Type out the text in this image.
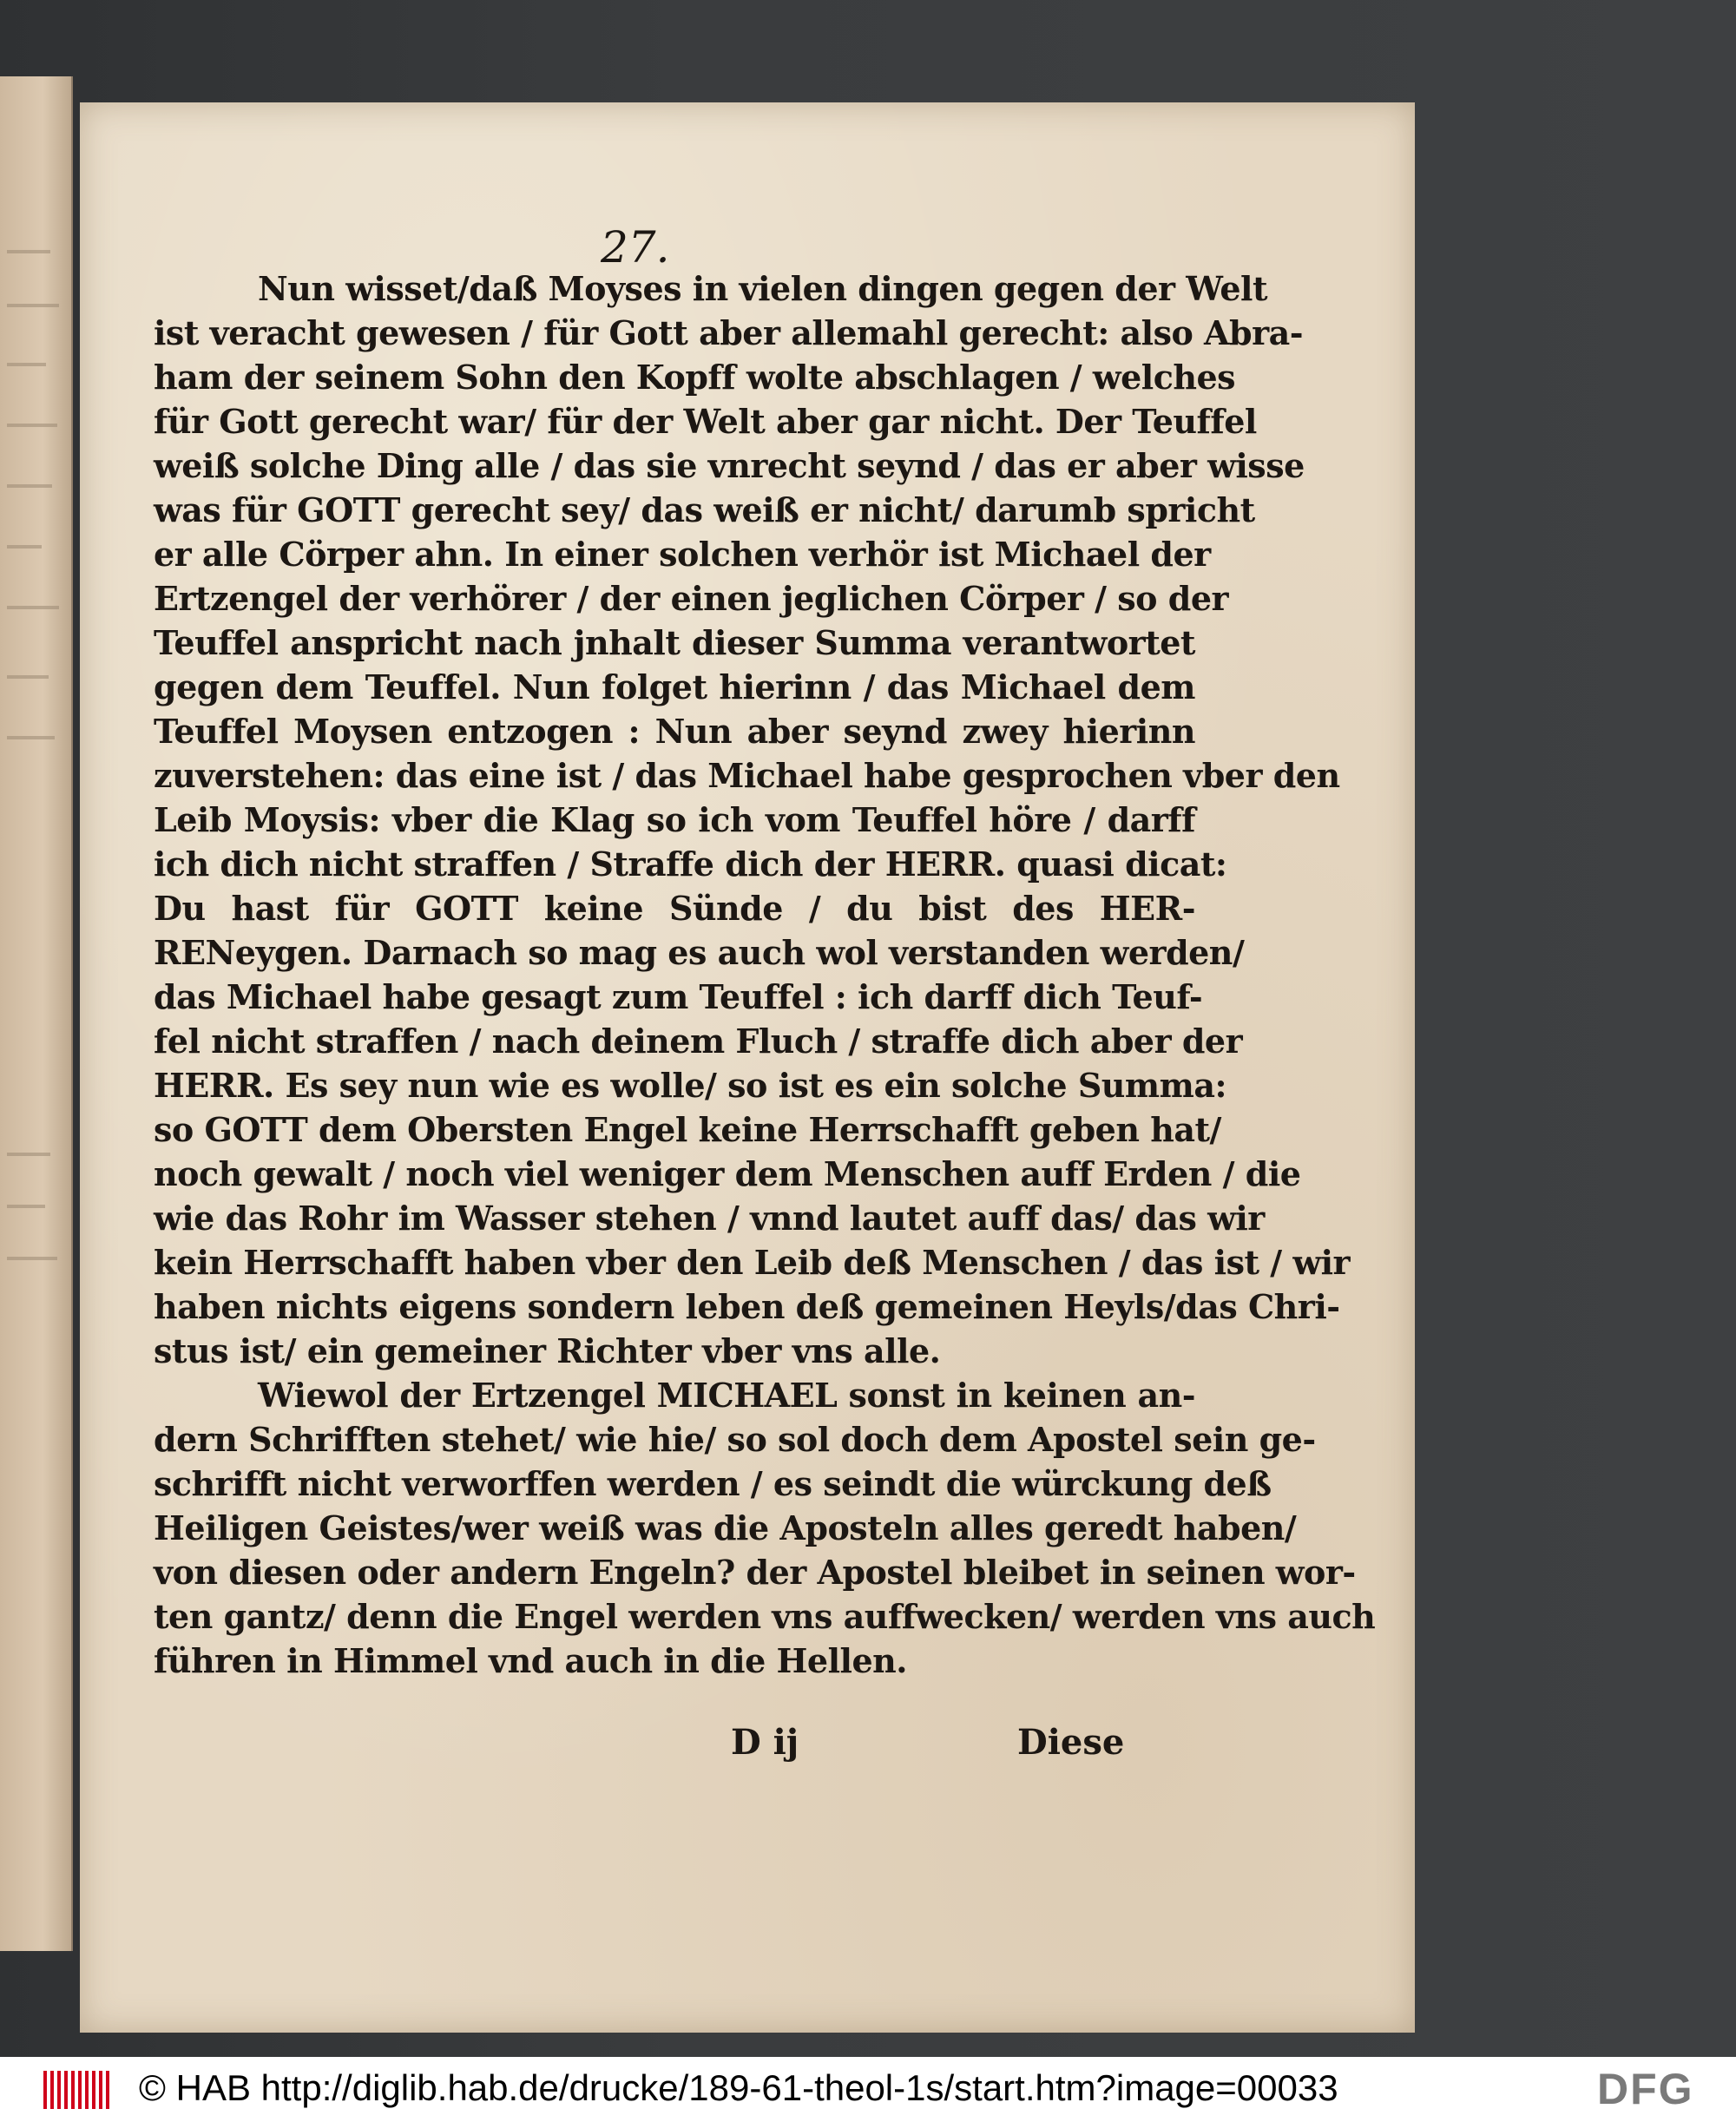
27.
Nun wisset/daß Moyses in vielen dingen gegen der Welt
ist veracht gewesen / für Gott aber allemahl gerecht: also Abra-
ham der seinem Sohn den Kopff wolte abschlagen / welches
für Gott gerecht war/ für der Welt aber gar nicht. Der Teuffel
weiß solche Ding alle / das sie vnrecht seynd / das er aber wisse
was für GOTT gerecht sey/ das weiß er nicht/ darumb spricht
er alle Cörper ahn. In einer solchen verhör ist Michael der
Ertzengel der verhörer / der einen jeglichen Cörper / so der
Teuffel anspricht nach jnhalt dieser Summa verantwortet
gegen dem Teuffel. Nun folget hierinn / das Michael dem
Teuffel Moysen entzogen : Nun aber seynd zwey hierinn
zuverstehen: das eine ist / das Michael habe gesprochen vber den
Leib Moysis: vber die Klag so ich vom Teuffel höre / darff
ich dich nicht straffen / Straffe dich der HERR. quasi dicat:
Du hast für GOTT keine Sünde / du bist des HER-
RENeygen. Darnach so mag es auch wol verstanden werden/
das Michael habe gesagt zum Teuffel : ich darff dich Teuf-
fel nicht straffen / nach deinem Fluch / straffe dich aber der
HERR. Es sey nun wie es wolle/ so ist es ein solche Summa:
so GOTT dem Obersten Engel keine Herrschafft geben hat/
noch gewalt / noch viel weniger dem Menschen auff Erden / die
wie das Rohr im Wasser stehen / vnnd lautet auff das/ das wir
kein Herrschafft haben vber den Leib deß Menschen / das ist / wir
haben nichts eigens sondern leben deß gemeinen Heyls/das Chri-
stus ist/ ein gemeiner Richter vber vns alle.
Wiewol der Ertzengel MICHAEL sonst in keinen an-
dern Schrifften stehet/ wie hie/ so sol doch dem Apostel sein ge-
schrifft nicht verworffen werden / es seindt die würckung deß
Heiligen Geistes/wer weiß was die Aposteln alles geredt haben/
von diesen oder andern Engeln? der Apostel bleibet in seinen wor-
ten gantz/ denn die Engel werden vns auffwecken/ werden vns auch
führen in Himmel vnd auch in die Hellen.
D ij	Diese
© HAB http://diglib.hab.de/drucke/189-61-theol-1s/start.htm?image=00033	DFG
